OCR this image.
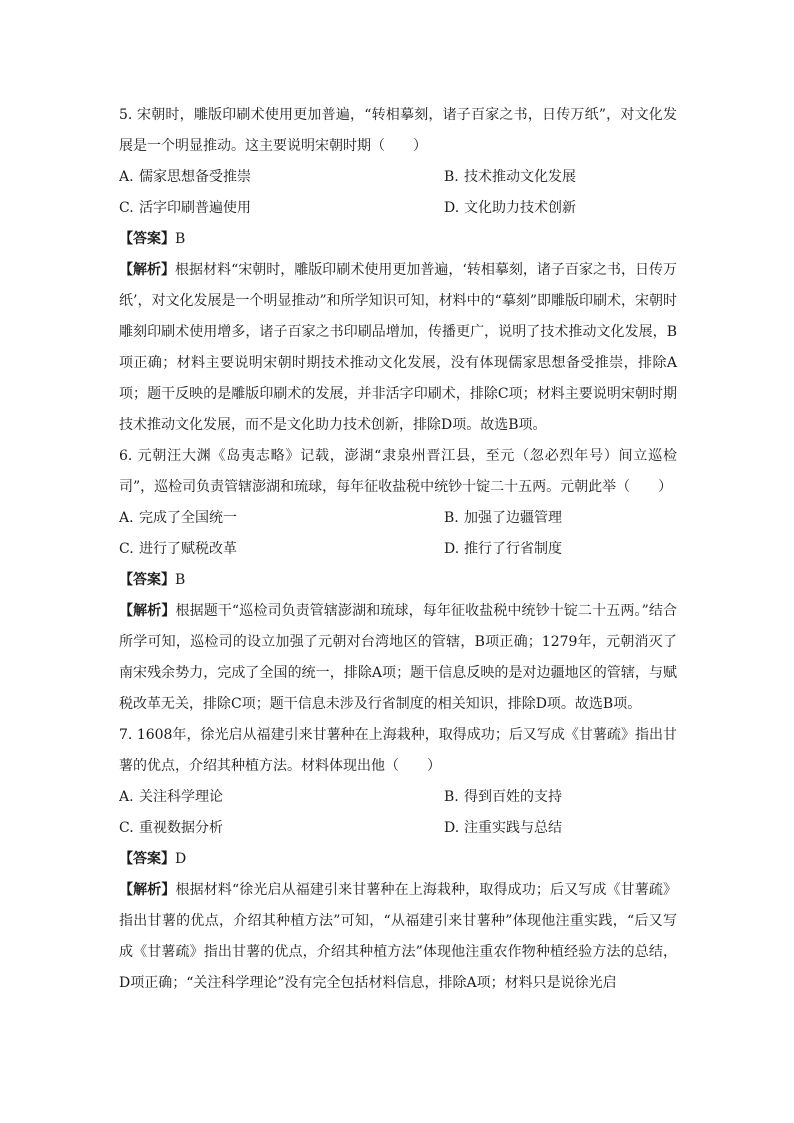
5. 宋朝时，雕版印刷术使用更加普遍，“转相摹刻，诸子百家之书，日传万纸”，对文化发展是一个明显推动。这主要说明宋朝时期（　　）

A. 儒家思想备受推崇	B. 技术推动文化发展
C. 活字印刷普遍使用	D. 文化助力技术创新

【答案】B

【解析】根据材料“宋朝时，雕版印刷术使用更加普遍，‘转相摹刻，诸子百家之书，日传万纸’，对文化发展是一个明显推动”和所学知识可知，材料中的“摹刻”即雕版印刷术，宋朝时雕刻印刷术使用增多，诸子百家之书印刷品增加，传播更广，说明了技术推动文化发展，B项正确；材料主要说明宋朝时期技术推动文化发展，没有体现儒家思想备受推崇，排除A项；题干反映的是雕版印刷术的发展，并非活字印刷术，排除C项；材料主要说明宋朝时期技术推动文化发展，而不是文化助力技术创新，排除D项。故选B项。

6. 元朝汪大渊《岛夷志略》记载，澎湖“隶泉州晋江县，至元（忽必烈年号）间立巡检司”，巡检司负责管辖澎湖和琉球，每年征收盐税中统钞十锭二十五两。元朝此举（　　）

A. 完成了全国统一	B. 加强了边疆管理
C. 进行了赋税改革	D. 推行了行省制度

【答案】B

【解析】根据题干“巡检司负责管辖澎湖和琉球，每年征收盐税中统钞十锭二十五两。”结合所学可知，巡检司的设立加强了元朝对台湾地区的管辖，B项正确；1279年，元朝消灭了南宋残余势力，完成了全国的统一，排除A项；题干信息反映的是对边疆地区的管辖，与赋税改革无关，排除C项；题干信息未涉及行省制度的相关知识，排除D项。故选B项。

7. 1608年，徐光启从福建引来甘薯种在上海栽种，取得成功；后又写成《甘薯疏》指出甘薯的优点，介绍其种植方法。材料体现出他（　　）

A. 关注科学理论	B. 得到百姓的支持
C. 重视数据分析	D. 注重实践与总结

【答案】D

【解析】根据材料“徐光启从福建引来甘薯种在上海栽种，取得成功；后又写成《甘薯疏》指出甘薯的优点，介绍其种植方法”可知，“从福建引来甘薯种”体现他注重实践，“后又写成《甘薯疏》指出甘薯的优点，介绍其种植方法”体现他注重农作物种植经验方法的总结，D项正确；“关注科学理论”没有完全包括材料信息，排除A项；材料只是说徐光启
